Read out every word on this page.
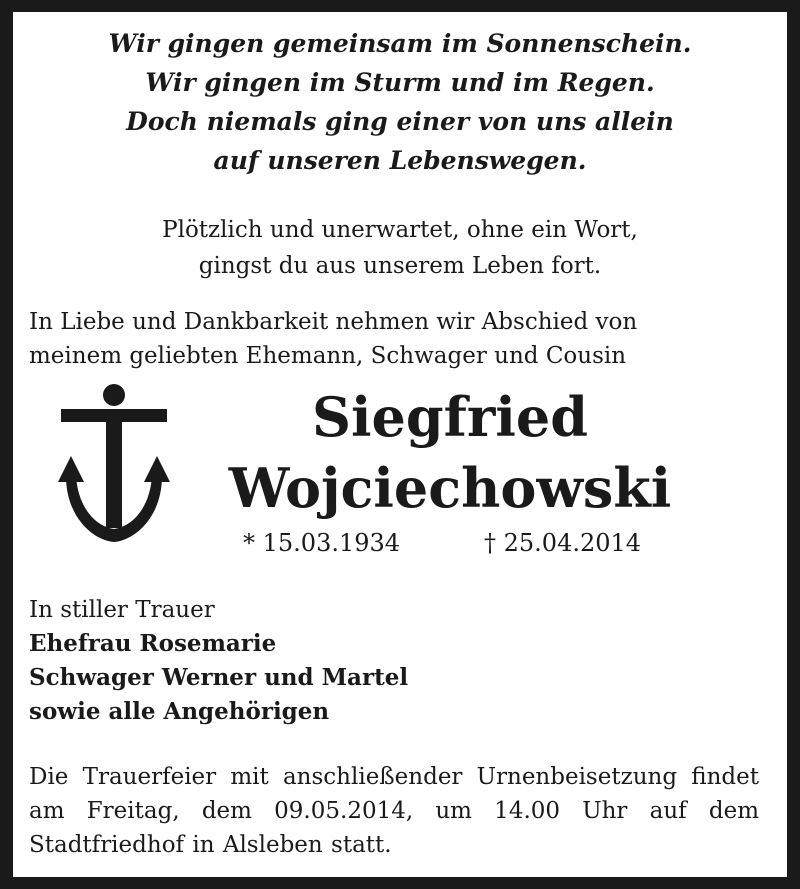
Wir gingen gemeinsam im Sonnenschein.
Wir gingen im Sturm und im Regen.
Doch niemals ging einer von uns allein
auf unseren Lebenswegen.
Plötzlich und unerwartet, ohne ein Wort,
gingst du aus unserem Leben fort.
In Liebe und Dankbarkeit nehmen wir Abschied von
meinem geliebten Ehemann, Schwager und Cousin
Siegfried
Wojciechowski
* 15.03.1934	† 25.04.2014
In stiller Trauer
Ehefrau Rosemarie
Schwager Werner und Martel
sowie alle Angehörigen
Die Trauerfeier mit anschließender Urnenbeisetzung findet am Freitag, dem 09.05.2014, um 14.00 Uhr auf dem Stadtfriedhof in Alsleben statt.
